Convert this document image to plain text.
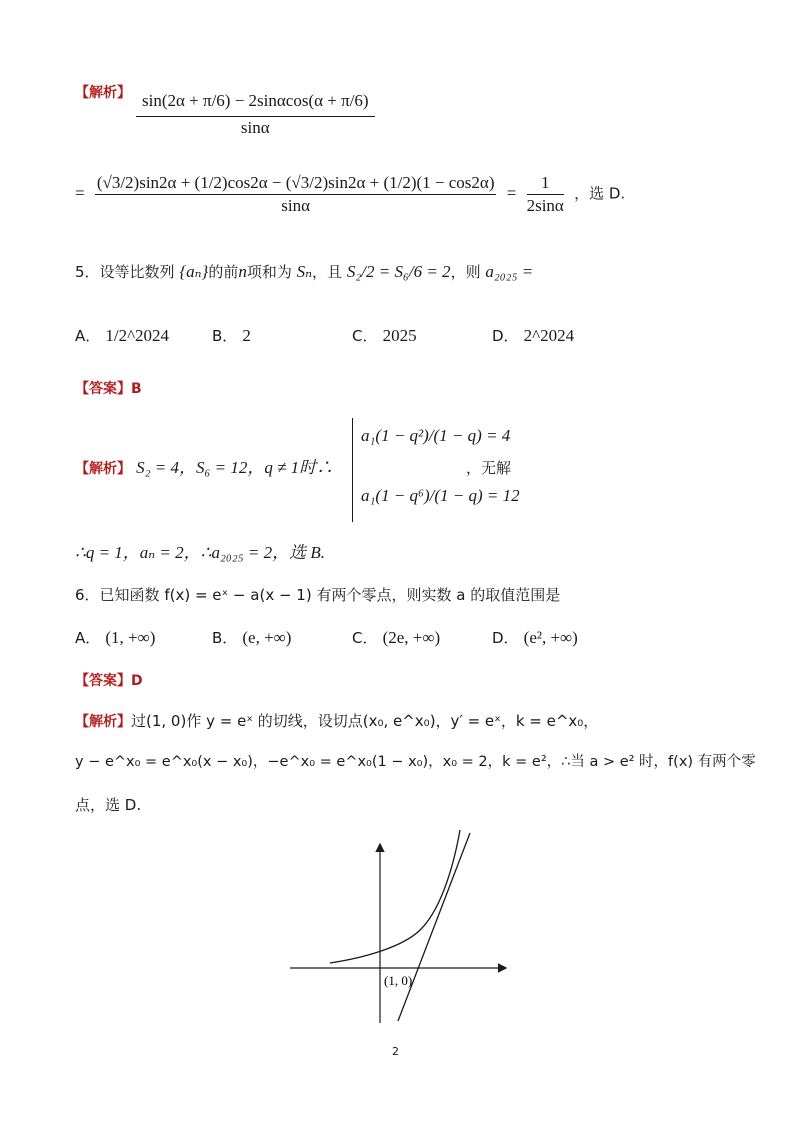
【解析】 $\frac{\sin(2\alpha + \pi/6) - 2\sin\alpha\cos(\alpha + \pi/6)}{\sin\alpha}$
= $\frac{(√3/2)\sin 2\alpha + (1/2)\cos 2\alpha - (√3/2)\sin 2\alpha + (1/2)(1 - \cos 2\alpha)}{\sin\alpha} = \frac{1}{2\sin\alpha}$ ，选 D.
5．设等比数列 {aₙ}的前n项和为 Sₙ，且 S₂/2 = S₆/6 = 2，则 a₂₀₂₅ =
A． 1/2^2024	B． 2	C． 2025	D． 2^2024
【答案】B
【解析】 S₂ = 4，S₆ = 12，q ≠ 1时∴
a₁(1 − q²)/(1 − q) = 4
a₁(1 − q⁶)/(1 − q) = 12
，无解
∴q = 1，aₙ = 2，∴a₂₀₂₅ = 2，选 B.
6．已知函数 f(x) = eˣ − a(x − 1) 有两个零点，则实数 a 的取值范围是
A． (1, +∞)	B． (e, +∞)	C． (2e, +∞)	D． (e², +∞)
【答案】D
【解析】过(1, 0)作 y = eˣ 的切线，设切点(x₀, e^x₀)，y′ = eˣ，k = e^x₀，
y − e^x₀ = e^x₀(x − x₀)，−e^x₀ = e^x₀(1 − x₀)，x₀ = 2，k = e²，∴当 a > e² 时，f(x) 有两个零
点，选 D.
(1, 0)
2
